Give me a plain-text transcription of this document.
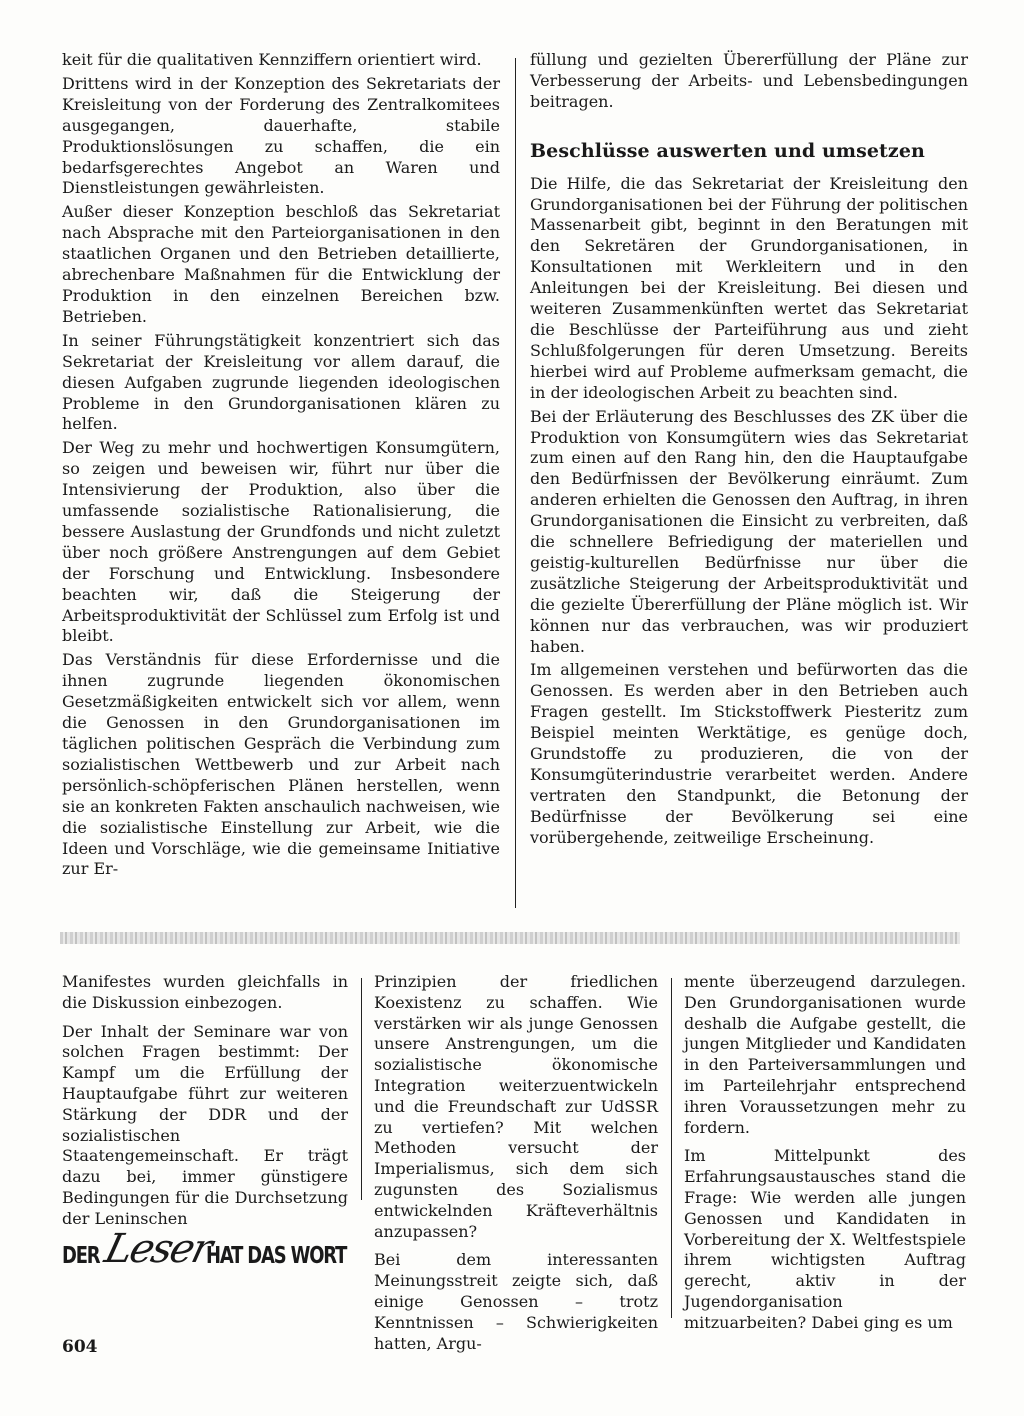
keit für die qualitativen Kennziffern orientiert wird.

Drittens wird in der Konzeption des Sekretariats der Kreisleitung von der Forderung des Zentralkomitees ausgegangen, dauerhafte, stabile Produktionslösungen zu schaffen, die ein bedarfsgerechtes Angebot an Waren und Dienstleistungen gewährleisten.

Außer dieser Konzeption beschloß das Sekretariat nach Absprache mit den Parteiorganisationen in den staatlichen Organen und den Betrieben detaillierte, abrechenbare Maßnahmen für die Entwicklung der Produktion in den einzelnen Bereichen bzw. Betrieben.

In seiner Führungstätigkeit konzentriert sich das Sekretariat der Kreisleitung vor allem darauf, die diesen Aufgaben zugrunde liegenden ideologischen Probleme in den Grundorganisationen klären zu helfen.

Der Weg zu mehr und hochwertigen Konsumgütern, so zeigen und beweisen wir, führt nur über die Intensivierung der Produktion, also über die umfassende sozialistische Rationalisierung, die bessere Auslastung der Grundfonds und nicht zuletzt über noch größere Anstrengungen auf dem Gebiet der Forschung und Entwicklung. Insbesondere beachten wir, daß die Steigerung der Arbeitsproduktivität der Schlüssel zum Erfolg ist und bleibt.

Das Verständnis für diese Erfordernisse und die ihnen zugrunde liegenden ökonomischen Gesetzmäßigkeiten entwickelt sich vor allem, wenn die Genossen in den Grundorganisationen im täglichen politischen Gespräch die Verbindung zum sozialistischen Wettbewerb und zur Arbeit nach persönlich-schöpferischen Plänen herstellen, wenn sie an konkreten Fakten anschaulich nachweisen, wie die sozialistische Einstellung zur Arbeit, wie die Ideen und Vorschläge, wie die gemeinsame Initiative zur Er-

füllung und gezielten Übererfüllung der Pläne zur Verbesserung der Arbeits- und Lebensbedingungen beitragen.

Beschlüsse auswerten und umsetzen

Die Hilfe, die das Sekretariat der Kreisleitung den Grundorganisationen bei der Führung der politischen Massenarbeit gibt, beginnt in den Beratungen mit den Sekretären der Grundorganisationen, in Konsultationen mit Werkleitern und in den Anleitungen bei der Kreisleitung. Bei diesen und weiteren Zusammenkünften wertet das Sekretariat die Beschlüsse der Parteiführung aus und zieht Schlußfolgerungen für deren Umsetzung. Bereits hierbei wird auf Probleme aufmerksam gemacht, die in der ideologischen Arbeit zu beachten sind.

Bei der Erläuterung des Beschlusses des ZK über die Produktion von Konsumgütern wies das Sekretariat zum einen auf den Rang hin, den die Hauptaufgabe den Bedürfnissen der Bevölkerung einräumt. Zum anderen erhielten die Genossen den Auftrag, in ihren Grundorganisationen die Einsicht zu verbreiten, daß die schnellere Befriedigung der materiellen und geistig-kulturellen Bedürfnisse nur über die zusätzliche Steigerung der Arbeitsproduktivität und die gezielte Übererfüllung der Pläne möglich ist. Wir können nur das verbrauchen, was wir produziert haben.

Im allgemeinen verstehen und befürworten das die Genossen. Es werden aber in den Betrieben auch Fragen gestellt. Im Stickstoffwerk Piesteritz zum Beispiel meinten Werktätige, es genüge doch, Grundstoffe zu produzieren, die von der Konsumgüterindustrie verarbeitet werden. Andere vertraten den Standpunkt, die Betonung der Bedürfnisse der Bevölkerung sei eine vorübergehende, zeitweilige Erscheinung.

Manifestes wurden gleichfalls in die Diskussion einbezogen.

Der Inhalt der Seminare war von solchen Fragen bestimmt: Der Kampf um die Erfüllung der Hauptaufgabe führt zur weiteren Stärkung der DDR und der sozialistischen Staatengemeinschaft. Er trägt dazu bei, immer günstigere Bedingungen für die Durchsetzung der Leninschen

Prinzipien der friedlichen Koexistenz zu schaffen. Wie verstärken wir als junge Genossen unsere Anstrengungen, um die sozialistische ökonomische Integration weiterzuentwickeln und die Freundschaft zur UdSSR zu vertiefen? Mit welchen Methoden versucht der Imperialismus, sich dem sich zugunsten des Sozialismus entwickelnden Kräfteverhältnis anzupassen?

Bei dem interessanten Meinungsstreit zeigte sich, daß einige Genossen – trotz Kenntnissen – Schwierigkeiten hatten, Argu-

mente überzeugend darzulegen. Den Grundorganisationen wurde deshalb die Aufgabe gestellt, die jungen Mitglieder und Kandidaten in den Parteiversammlungen und im Parteilehrjahr entsprechend ihren Voraussetzungen mehr zu fordern.

Im Mittelpunkt des Erfahrungsaustausches stand die Frage: Wie werden alle jungen Genossen und Kandidaten in Vorbereitung der X. Weltfestspiele ihrem wichtigsten Auftrag gerecht, aktiv in der Jugendorganisation mitzuarbeiten? Dabei ging es um

DER Leser
HAT DAS WORT
604
